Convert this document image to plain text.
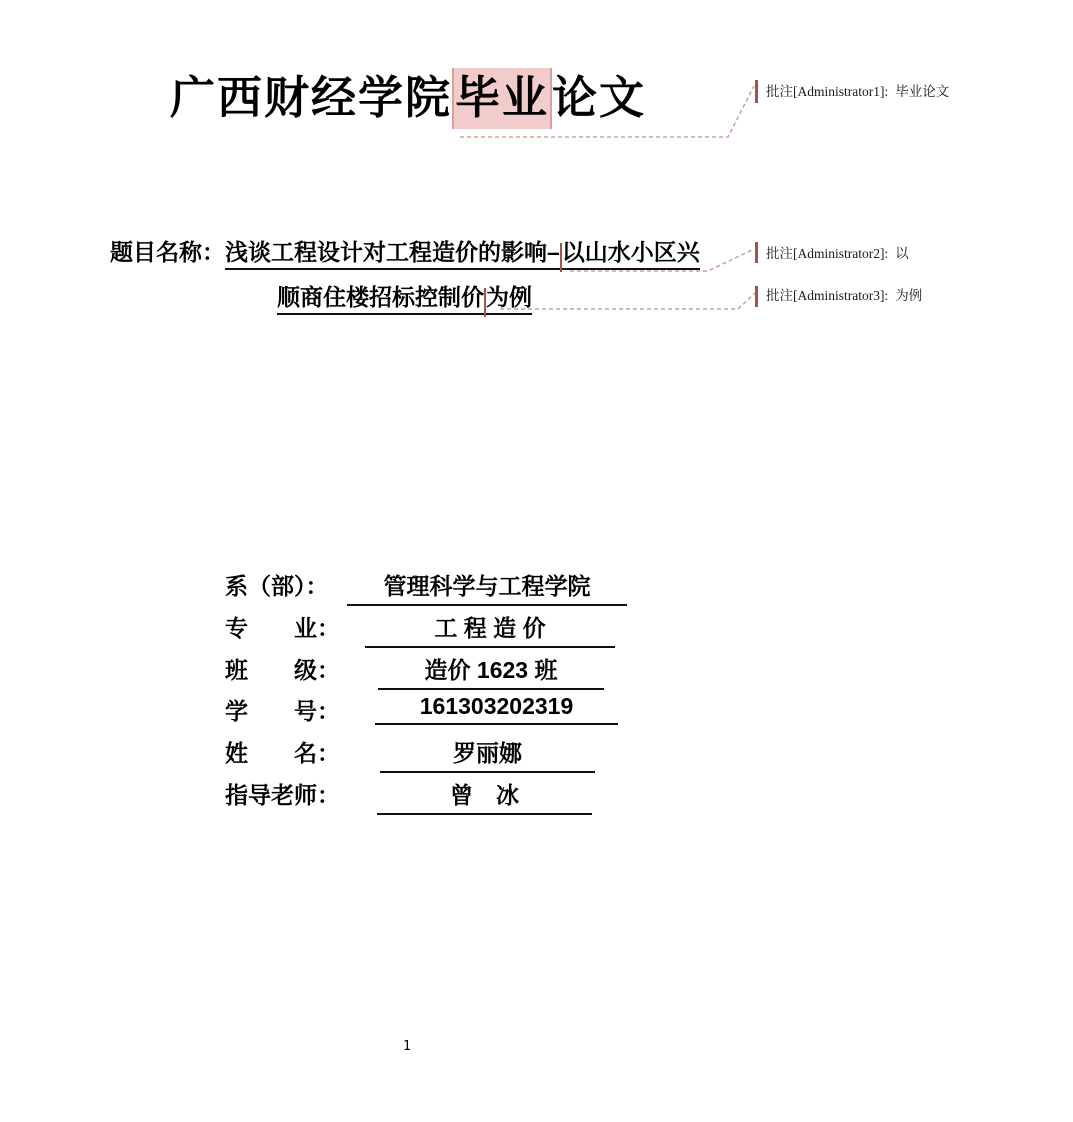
广西财经学院毕业论文
题目名称：浅谈工程设计对工程造价的影响–以山水小区兴
顺商住楼招标控制价为例
系（部）：	管理科学与工程学院
专　　业：	工 程 造 价
班　　级：	造价 1623 班
学　　号：	161303202319
姓　　名：	罗丽娜
指导老师：	曾　冰
批注[Administrator1]: 毕业论文
批注[Administrator2]: 以
批注[Administrator3]: 为例
1
